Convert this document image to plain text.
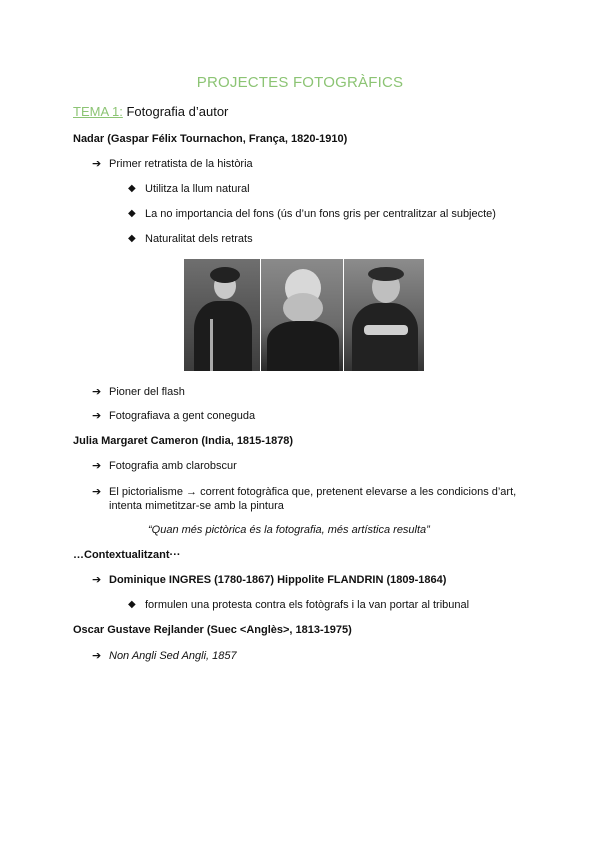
PROJECTES FOTOGRÀFICS
TEMA 1: Fotografia d’autor
Nadar (Gaspar Félix Tournachon, França, 1820-1910)
➔ Primer retratista de la història
◆ Utilitza la llum natural
◆ La no importancia del fons (ús d’un fons gris per centralitzar al subjecte)
◆ Naturalitat dels retrats
➔ Pioner del flash
➔ Fotografiava a gent coneguda
Julia Margaret Cameron (India, 1815-1878)
➔ Fotografia amb clarobscur
➔ El pictorialisme → corrent fotogràfica que, pretenent elevarse a les condicions d’art,
intenta mimetitzar-se amb la pintura
“Quan més pictòrica és la fotografia, més artística resulta”
…Contextualitzant···
➔ Dominique INGRES (1780-1867) Hippolite FLANDRIN (1809-1864)
◆ formulen una protesta contra els fotògrafs i la van portar al tribunal
Oscar Gustave Rejlander (Suec <Anglès>, 1813-1975)
➔ Non Angli Sed Angli, 1857
